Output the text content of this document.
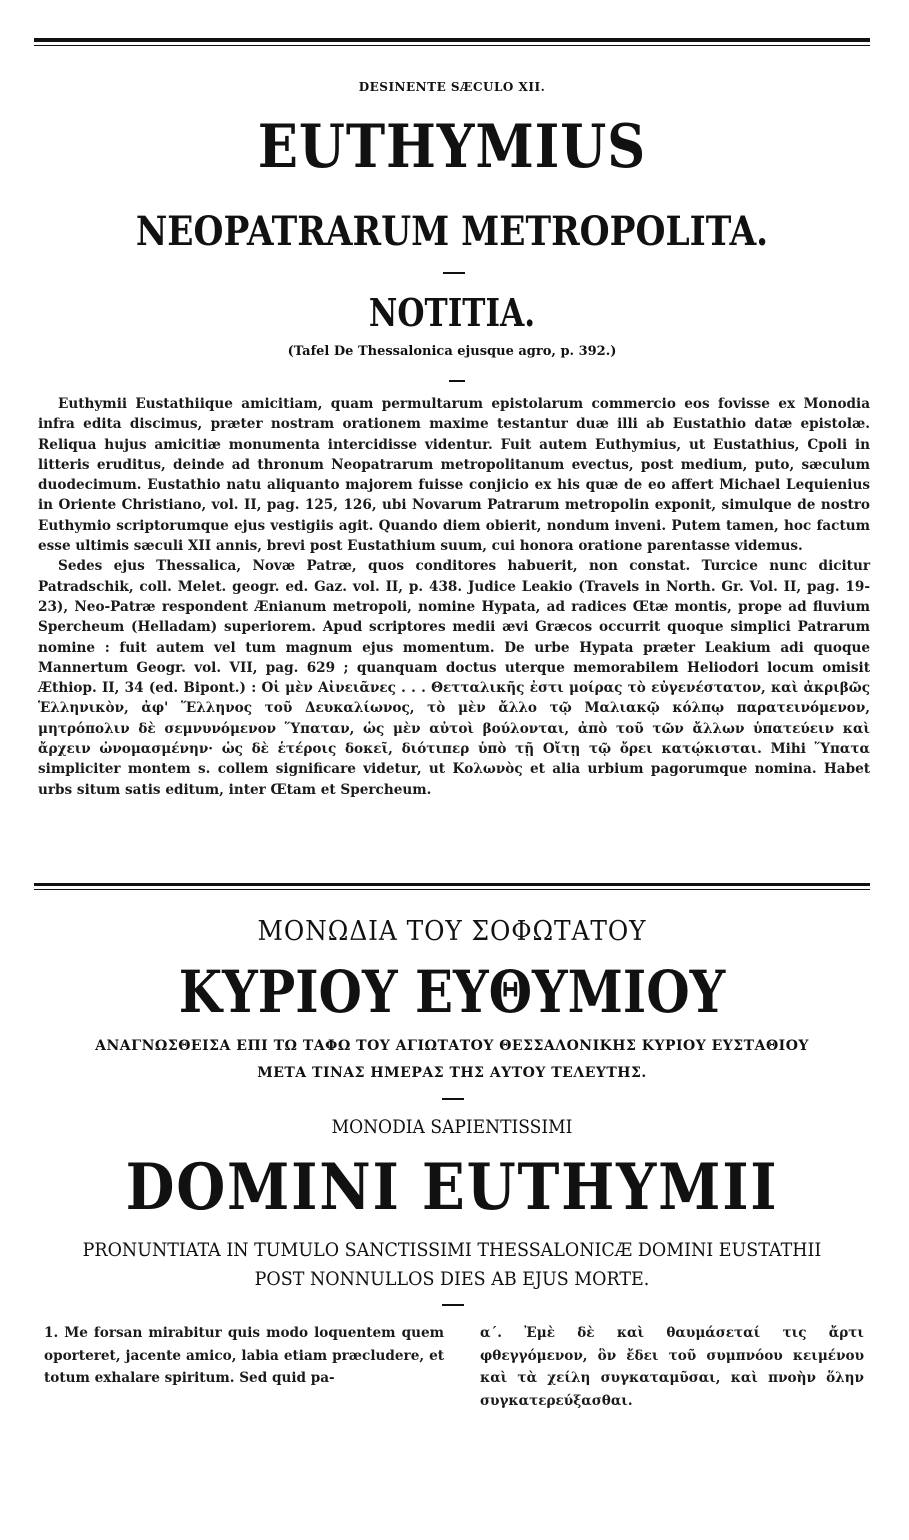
DESINENTE SÆCULO XII.
EUTHYMIUS
NEOPATRARUM METROPOLITA.
NOTITIA.
(Tafel De Thessalonica ejusque agro, p. 392.)

Euthymii Eustathiique amicitiam, quam permultarum epistolarum commercio eos fovisse ex Monodia infra edita discimus, præter nostram orationem maxime testantur duæ illi ab Eustathio datæ epistolæ. Reliqua hujus amicitiæ monumenta intercidisse videntur. Fuit autem Euthymius, ut Eustathius, Cpoli in litteris eruditus, deinde ad thronum Neopatrarum metropolitanum evectus, post medium, puto, sæculum duodecimum. Eustathio natu aliquanto majorem fuisse conjicio ex his quæ de eo affert Michael Lequienius in Oriente Christiano, vol. II, pag. 125, 126, ubi Novarum Patrarum metropolin exponit, simulque de nostro Euthymio scriptorumque ejus vestigiis agit. Quando diem obierit, nondum inveni. Putem tamen, hoc factum esse ultimis sæculi XII annis, brevi post Eustathium suum, cui honora oratione parentasse videmus.

Sedes ejus Thessalica, Novæ Patræ, quos conditores habuerit, non constat. Turcice nunc dicitur Patradschik, coll. Melet. geogr. ed. Gaz. vol. II, p. 438. Judice Leakio (Travels in North. Gr. Vol. II, pag. 19-23), Neo-Patræ respondent Ænianum metropoli, nomine Hypata, ad radices Œtæ montis, prope ad fluvium Spercheum (Helladam) superiorem. Apud scriptores medii ævi Græcos occurrit quoque simplici Patrarum nomine : fuit autem vel tum magnum ejus momentum. De urbe Hypata præter Leakium adi quoque Mannertum Geogr. vol. VII, pag. 629 ; quanquam doctus uterque memorabilem Heliodori locum omisit Æthiop. II, 34 (ed. Bipont.) : Οἱ μὲν Αἰνειᾶνες . . . Θετταλικῆς ἐστι μοίρας τὸ εὐγενέστατον, καὶ ἀκριβῶς Ἑλληνικὸν, ἀφ' Ἕλληνος τοῦ Δευκαλίωνος, τὸ μὲν ἄλλο τῷ Μαλιακῷ κόλπῳ παρατεινόμενον, μητρόπολιν δὲ σεμνυνόμενον Ὕπαταν, ὡς μὲν αὐτοὶ βούλονται, ἀπὸ τοῦ τῶν ἄλλων ὑπατεύειν καὶ ἄρχειν ὠνομασμένην· ὡς δὲ ἑτέροις δοκεῖ, διότιπερ ὑπὸ τῇ Οἴτῃ τῷ ὄρει κατῴκισται. Mihi Ὕπατα simpliciter montem s. collem significare videtur, ut Κολωνὸς et alia urbium pagorumque nomina. Habet urbs situm satis editum, inter Œtam et Spercheum.

ΜΟΝΩΔΙΑ ΤΟΥ ΣΟΦΩΤΑΤΟΥ
ΚΥΡΙΟΥ ΕΥΘΥΜΙΟΥ
ΑΝΑΓΝΩΣΘΕΙΣΑ ΕΠΙ ΤΩ ΤΑΦΩ ΤΟΥ ΑΓΙΩΤΑΤΟΥ ΘΕΣΣΑΛΟΝΙΚΗΣ ΚΥΡΙΟΥ ΕΥΣΤΑΘΙΟΥ
ΜΕΤΑ ΤΙΝΑΣ ΗΜΕΡΑΣ ΤΗΣ ΑΥΤΟΥ ΤΕΛΕΥΤΗΣ.
MONODIA SAPIENTISSIMI
DOMINI EUTHYMII
PRONUNTIATA IN TUMULO SANCTISSIMI THESSALONICÆ DOMINI EUSTATHII
POST NONNULLOS DIES AB EJUS MORTE.

1. Me forsan mirabitur quis modo loquentem quem oporteret, jacente amico, labia etiam præcludere, et totum exhalare spiritum. Sed quid pa-

α΄. Ἐμὲ δὲ καὶ θαυμάσεταί τις ἄρτι φθεγγόμενον, ὃν ἔδει τοῦ συμπνόου κειμένου καὶ τὰ χείλη συγκαταμῦσαι, καὶ πνοὴν ὅλην συγκατερεύξασθαι.
